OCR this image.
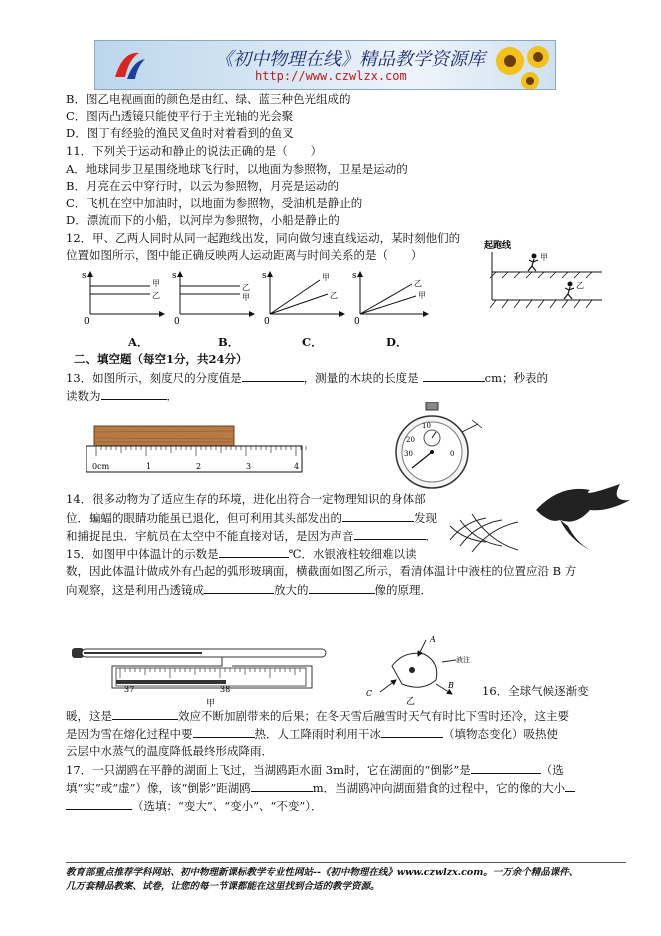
《初中物理在线》精品教学资源库
http://www.czwlzx.com
B．图乙电视画面的颜色是由红、绿、蓝三种色光组成的
C．图丙凸透镜只能使平行于主光轴的光会聚
D．图丁有经验的渔民叉鱼时对着看到的鱼叉
11．下列关于运动和静止的说法正确的是（　　）
A．地球同步卫星围绕地球飞行时，以地面为参照物，卫星是运动的
B．月亮在云中穿行时，以云为参照物，月亮是运动的
C．飞机在空中加油时，以地面为参照物，受油机是静止的
D．漂流而下的小船，以河岸为参照物，小船是静止的
12．甲、乙两人同时从同一起跑线出发，同向做匀速直线运动，某时刻他们的
位置如图所示，图中能正确反映两人运动距离与时间关系的是（　　）
s
0
甲
乙
s
0
乙
甲
s
0
甲
乙
s
0
乙
甲
A．	B．	C．	D．
起跑线
甲
乙
二、填空题（每空1分，共24分）
13．如图所示，刻度尺的分度值是	，测量的木块的长度是	cm；秒表的
读数为	．
0cm	1	2	3	4
30
20
10
0
14．很多动物为了适应生存的环境，进化出符合一定物理知识的身体部
位．蝙蝠的眼睛功能虽已退化，但可利用其头部发出的	发现
和捕捉昆虫．宇航员在太空中不能直接对话，是因为声音	．
15．如图甲中体温计的示数是	℃．水银液柱较细难以读
数，因此体温计做成外有凸起的弧形玻璃面，横截面如图乙所示，看清体温计中液柱的位置应沿 B 方
向观察，这是利用凸透镜成	放大的	像的原理．
37	38
甲
A
B
C
液注
乙
16．全球气候逐渐变
暖，这是	效应不断加剧带来的后果；在冬天雪后融雪时天气有时比下雪时还冷，这主要
是因为雪在熔化过程中要	热．人工降雨时利用干冰	（填物态变化）吸热使
云层中水蒸气的温度降低最终形成降雨．
17．一只湖鸥在平静的湖面上飞过，当湖鸥距水面 3m时，它在湖面的“倒影”是	（选
填“实”或“虚”）像，该“倒影”距湖鸥	m．当湖鸥冲向湖面猎食的过程中，它的像的大小
（选填：“变大”、“变小”、“不变”）．
教育部重点推荐学科网站、初中物理新课标教学专业性网站--《初中物理在线》www.czwlzx.com。一万余个精品课件、
几万套精品教案、试卷，让您的每一节课都能在这里找到合适的教学资源。
